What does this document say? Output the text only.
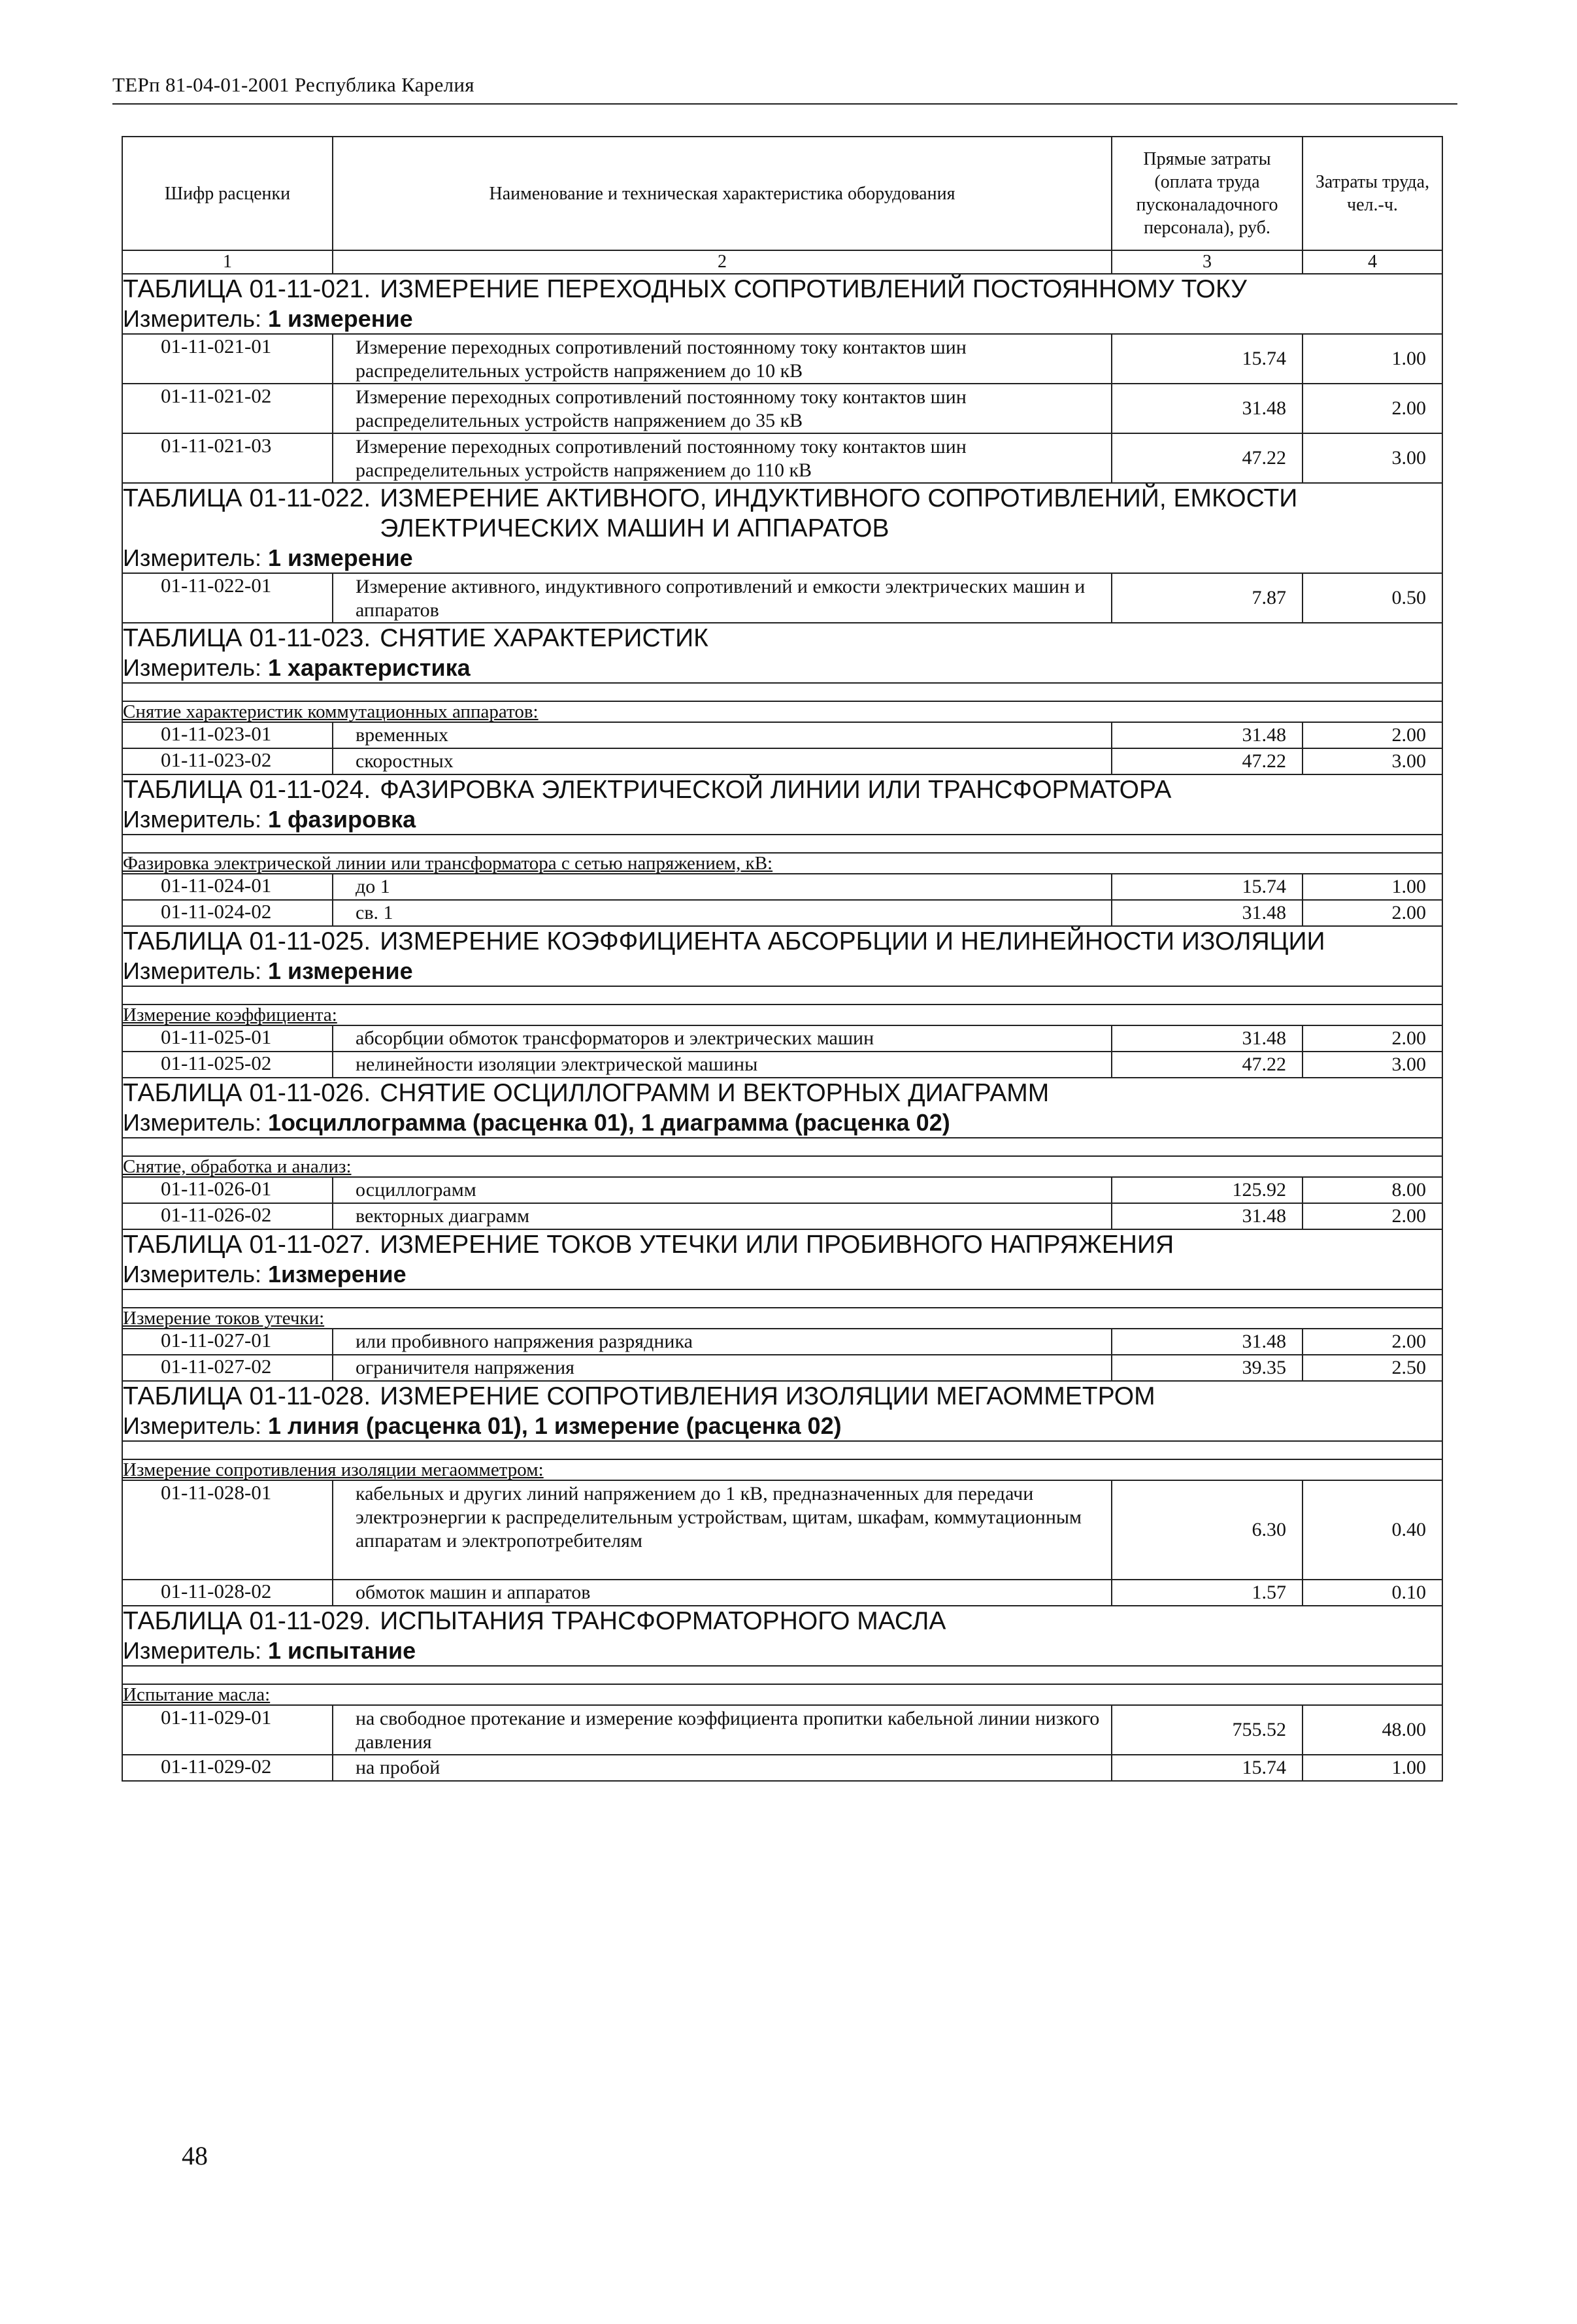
ТЕРп 81-04-01-2001 Республика Карелия
Шифр расценки	Наименование и техническая характеристика оборудования	Прямые затраты (оплата труда пусконаладочного персонала), руб.	Затраты труда, чел.-ч.
1	2	3	4

ТАБЛИЦА 01-11-021. ИЗМЕРЕНИЕ ПЕРЕХОДНЫХ СОПРОТИВЛЕНИЙ ПОСТОЯННОМУ ТОКУ			

Измеритель: 1 измерение			
01-11-021-01	Измерение переходных сопротивлений постоянному току контактов шин распределительных устройств напряжением до 10 кВ	15.74	1.00
01-11-021-02	Измерение переходных сопротивлений постоянному току контактов шин распределительных устройств напряжением до 35 кВ	31.48	2.00
01-11-021-03	Измерение переходных сопротивлений постоянному току контактов шин распределительных устройств напряжением до 110 кВ	47.22	3.00

ТАБЛИЦА 01-11-022. ИЗМЕРЕНИЕ АКТИВНОГО, ИНДУКТИВНОГО СОПРОТИВЛЕНИЙ, ЕМКОСТИ ЭЛЕКТРИЧЕСКИХ МАШИН И АППАРАТОВ			

Измеритель: 1 измерение			
01-11-022-01	Измерение активного, индуктивного сопротивлений и емкости электрических машин и аппаратов	7.87	0.50

ТАБЛИЦА 01-11-023. СНЯТИЕ ХАРАКТЕРИСТИК			

Измеритель: 1 характеристика			

Снятие характеристик коммутационных аппаратов:			
01-11-023-01	временных	31.48	2.00
01-11-023-02	скоростных	47.22	3.00

ТАБЛИЦА 01-11-024. ФАЗИРОВКА ЭЛЕКТРИЧЕСКОЙ ЛИНИИ ИЛИ ТРАНСФОРМАТОРА			

Измеритель: 1 фазировка			

Фазировка электрической линии или трансформатора с сетью напряжением, кВ:			
01-11-024-01	до 1	15.74	1.00
01-11-024-02	св. 1	31.48	2.00

ТАБЛИЦА 01-11-025. ИЗМЕРЕНИЕ КОЭФФИЦИЕНТА АБСОРБЦИИ И НЕЛИНЕЙНОСТИ ИЗОЛЯЦИИ			

Измеритель: 1 измерение			

Измерение коэффициента:			
01-11-025-01	абсорбции обмоток трансформаторов и электрических машин	31.48	2.00
01-11-025-02	нелинейности изоляции электрической машины	47.22	3.00

ТАБЛИЦА 01-11-026. СНЯТИЕ ОСЦИЛЛОГРАММ И ВЕКТОРНЫХ ДИАГРАММ			

Измеритель: 1осциллограмма (расценка 01), 1 диаграмма (расценка 02)			

Снятие, обработка и анализ:			
01-11-026-01	осциллограмм	125.92	8.00
01-11-026-02	векторных диаграмм	31.48	2.00

ТАБЛИЦА 01-11-027. ИЗМЕРЕНИЕ ТОКОВ УТЕЧКИ ИЛИ ПРОБИВНОГО НАПРЯЖЕНИЯ			

Измеритель: 1измерение			

Измерение токов утечки:			
01-11-027-01	или пробивного напряжения разрядника	31.48	2.00
01-11-027-02	ограничителя напряжения	39.35	2.50

ТАБЛИЦА 01-11-028. ИЗМЕРЕНИЕ СОПРОТИВЛЕНИЯ ИЗОЛЯЦИИ МЕГАОММЕТРОМ			

Измеритель: 1 линия (расценка 01), 1 измерение (расценка 02)			

Измерение сопротивления изоляции мегаомметром:			
01-11-028-01	кабельных и других линий напряжением до 1 кВ, предназначенных для передачи электроэнергии к распределительным устройствам, щитам, шкафам, коммутационным аппаратам и электропотребителям	6.30	0.40
01-11-028-02	обмоток машин и аппаратов	1.57	0.10

ТАБЛИЦА 01-11-029. ИСПЫТАНИЯ ТРАНСФОРМАТОРНОГО МАСЛА			

Измеритель: 1 испытание			

Испытание масла:			
01-11-029-01	на свободное протекание и измерение коэффициента пропитки кабельной линии низкого давления	755.52	48.00
01-11-029-02	на пробой	15.74	1.00
48
